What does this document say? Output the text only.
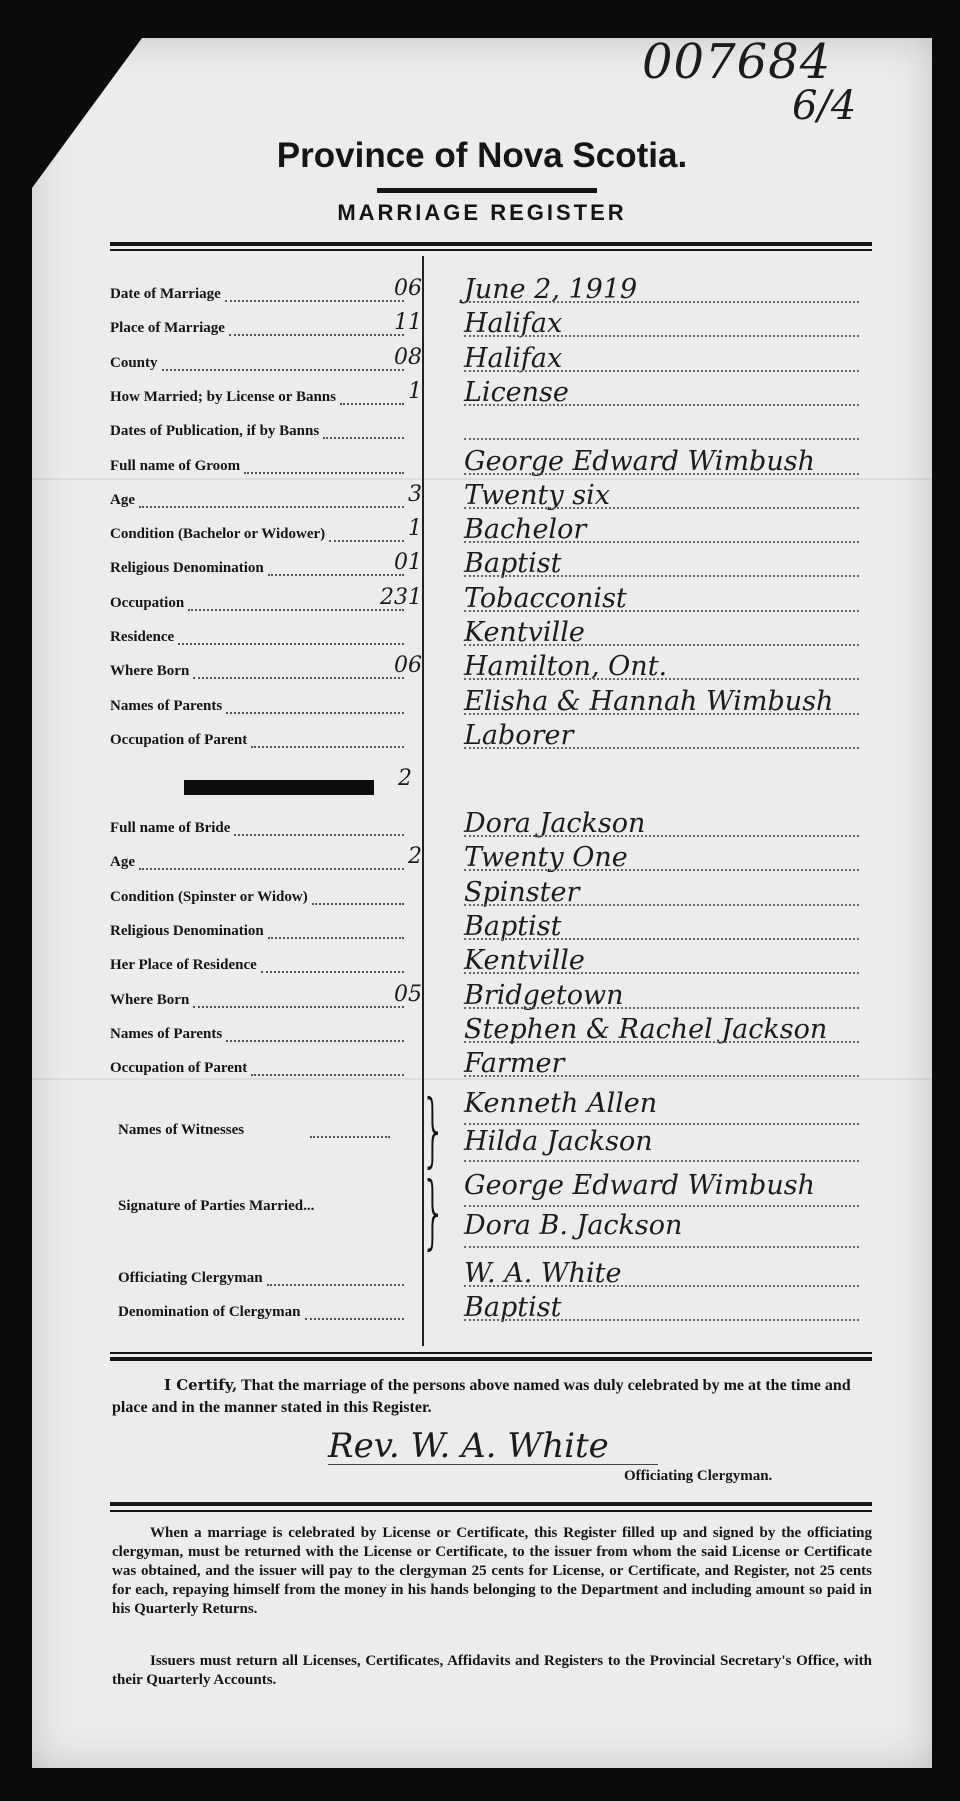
007684
6/4
Province of Nova Scotia.
MARRIAGE REGISTER
Date of Marriage	06 June 2, 1919
Place of Marriage	11 Halifax
County	08 Halifax
How Married; by License or Banns	1 License
Dates of Publication, if by Banns
Full name of Groom	George Edward Wimbush
Age	3 Twenty six
Condition (Bachelor or Widower)	1 Bachelor
Religious Denomination	01 Baptist
Occupation	231 Tobacconist
Residence	Kentville
Where Born	06 Hamilton, Ont.
Names of Parents	Elisha & Hannah Wimbush
Occupation of Parent	Laborer
2
Full name of Bride	Dora Jackson
Age	2 Twenty One
Condition (Spinster or Widow)	Spinster
Religious Denomination	Baptist
Her Place of Residence	Kentville
Where Born	05 Bridgetown
Names of Parents	Stephen & Rachel Jackson
Occupation of Parent	Farmer
Names of Witnesses } Kenneth Allen
Hilda Jackson
Signature of Parties Married... } George Edward Wimbush
Dora B. Jackson
Officiating Clergyman	W. A. White
Denomination of Clergyman	Baptist
I Certify, That the marriage of the persons above named was duly celebrated by me at the time and place and in the manner stated in this Register.
Rev. W. A. White
Officiating Clergyman.
When a marriage is celebrated by License or Certificate, this Register filled up and signed by the officiating clergyman, must be returned with the License or Certificate, to the issuer from whom the said License or Certificate was obtained, and the issuer will pay to the clergyman 25 cents for License, or Certificate, and Register, not 25 cents for each, repaying himself from the money in his hands belonging to the Department and including amount so paid in his Quarterly Returns.
Issuers must return all Licenses, Certificates, Affidavits and Registers to the Provincial Secretary's Office, with their Quarterly Accounts.
